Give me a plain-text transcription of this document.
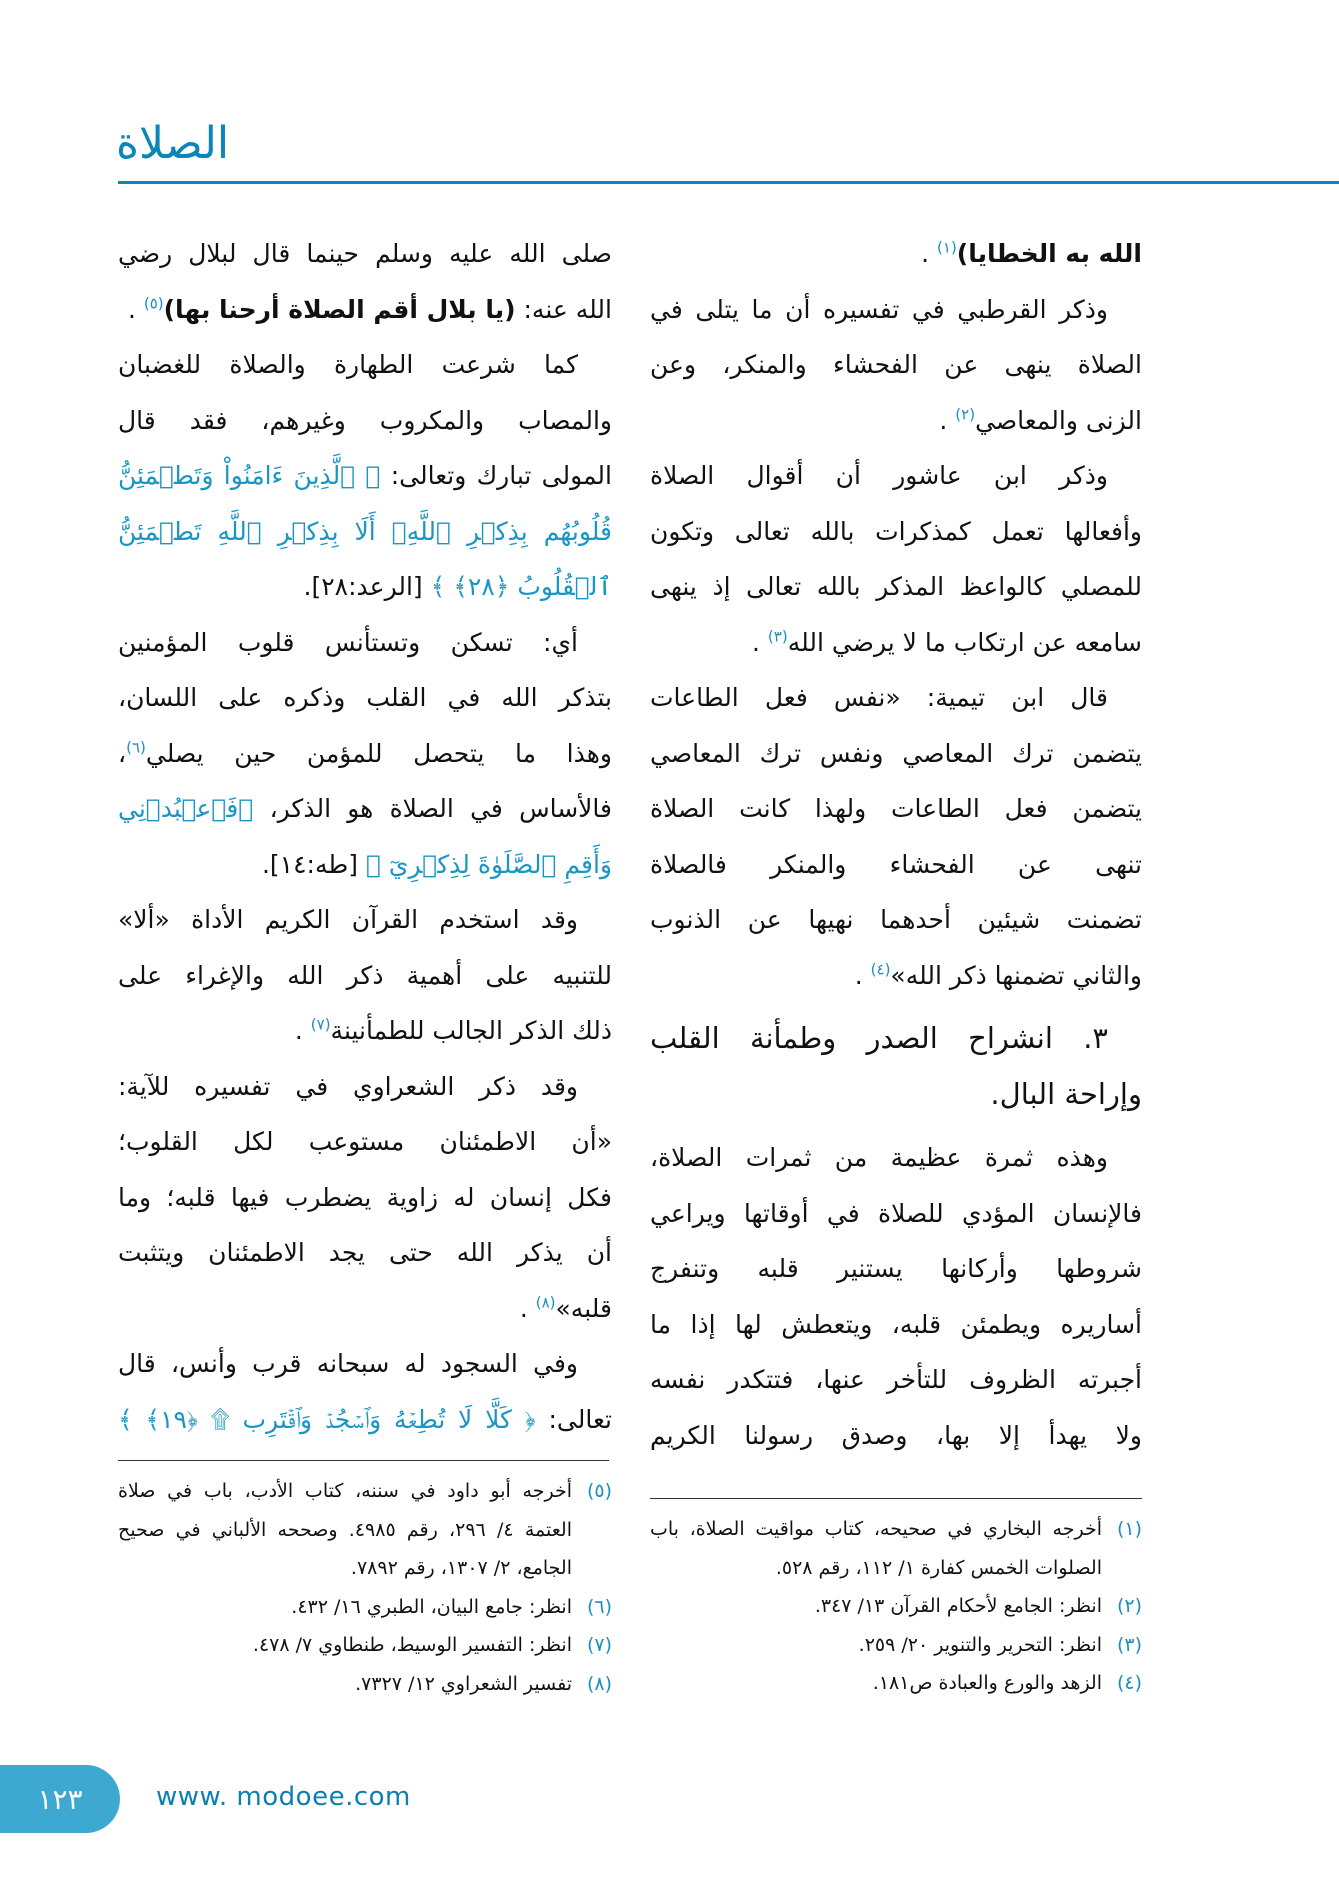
الصلاة
الله به الخطايا)$^{(١)}$ .
وذكر القرطبي في تفسيره أن ما يتلى في
الصلاة ينهى عن الفحشاء والمنكر، وعن
الزنى والمعاصي$^{(٢)}$ .
وذكر ابن عاشور أن أقوال الصلاة
وأفعالها تعمل كمذكرات بالله تعالى وتكون
للمصلي كالواعظ المذكر بالله تعالى إذ ينهى
سامعه عن ارتكاب ما لا يرضي الله$^{(٣)}$ .
قال ابن تيمية: «نفس فعل الطاعات
يتضمن ترك المعاصي ونفس ترك المعاصي
يتضمن فعل الطاعات ولهذا كانت الصلاة
تنهى عن الفحشاء والمنكر فالصلاة
تضمنت شيئين أحدهما نهيها عن الذنوب
والثاني تضمنها ذكر الله»$^{(٤)}$ .
٣. انشراح الصدر وطمأنة القلب
وإراحة البال.
وهذه ثمرة عظيمة من ثمرات الصلاة،
فالإنسان المؤدي للصلاة في أوقاتها ويراعي
شروطها وأركانها يستنير قلبه وتنفرج
أساريره ويطمئن قلبه، ويتعطش لها إذا ما
أجبرته الظروف للتأخر عنها، فتتكدر نفسه
ولا يهدأ إلا بها، وصدق رسولنا الكريم
صلى الله عليه وسلم حينما قال لبلال رضي
الله عنه: (يا بلال أقم الصلاة أرحنا بها)$^{(٥)}$ .
كما شرعت الطهارة والصلاة للغضبان
والمصاب والمكروب وغيرهم، فقد قال
المولى تبارك وتعالى: ﴿ ٱلَّذِينَ ءَامَنُواْ وَتَطۡمَئِنُّ
قُلُوبُهُم بِذِكۡرِ ٱللَّهِۗ أَلَا بِذِكۡرِ ٱللَّهِ تَطۡمَئِنُّ
ٱلۡقُلُوبُ ﴿٢٨﴾ ﴾ [الرعد:٢٨].
أي: تسكن وتستأنس قلوب المؤمنين
بتذكر الله في القلب وذكره على اللسان،
وهذا ما يتحصل للمؤمن حين يصلي$^{(٦)}$،
فالأساس في الصلاة هو الذكر، ﴿فَٱعۡبُدۡنِي
وَأَقِمِ ٱلصَّلَوٰةَ لِذِكۡرِيٓ ﴾ [طه:١٤].
وقد استخدم القرآن الكريم الأداة «ألا»
للتنبيه على أهمية ذكر الله والإغراء على
ذلك الذكر الجالب للطمأنينة$^{(٧)}$ .
وقد ذكر الشعراوي في تفسيره للآية:
«أن الاطمئنان مستوعب لكل القلوب؛
فكل إنسان له زاوية يضطرب فيها قلبه؛ وما
أن يذكر الله حتى يجد الاطمئنان ويتثبت
قلبه»$^{(٨)}$ .
وفي السجود له سبحانه قرب وأنس، قال
تعالى: ﴿ كَلَّا لَا تُطِعۡهُ وَٱسۡجُدۡ وَٱقۡتَرِب ۩ ﴿١٩﴾ ﴾
(٥)
أخرجه أبو داود في سننه، كتاب الأدب، باب في صلاة العتمة ٤/ ٢٩٦، رقم ٤٩٨٥. وصححه الألباني في صحيح الجامع، ٢/ ١٣٠٧، رقم ٧٨٩٢.
(٦)
انظر: جامع البيان، الطبري ١٦/ ٤٣٢.
(٧)
انظر: التفسير الوسيط، طنطاوي ٧/ ٤٧٨.
(٨)
تفسير الشعراوي ١٢/ ٧٣٢٧.
(١)
أخرجه البخاري في صحيحه، كتاب مواقيت الصلاة، باب الصلوات الخمس كفارة ١/ ١١٢، رقم ٥٢٨.
(٢)
انظر: الجامع لأحكام القرآن ١٣/ ٣٤٧.
(٣)
انظر: التحرير والتنوير ٢٠/ ٢٥٩.
(٤)
الزهد والورع والعبادة ص١٨١.
١٢٣	www. modoee.com
